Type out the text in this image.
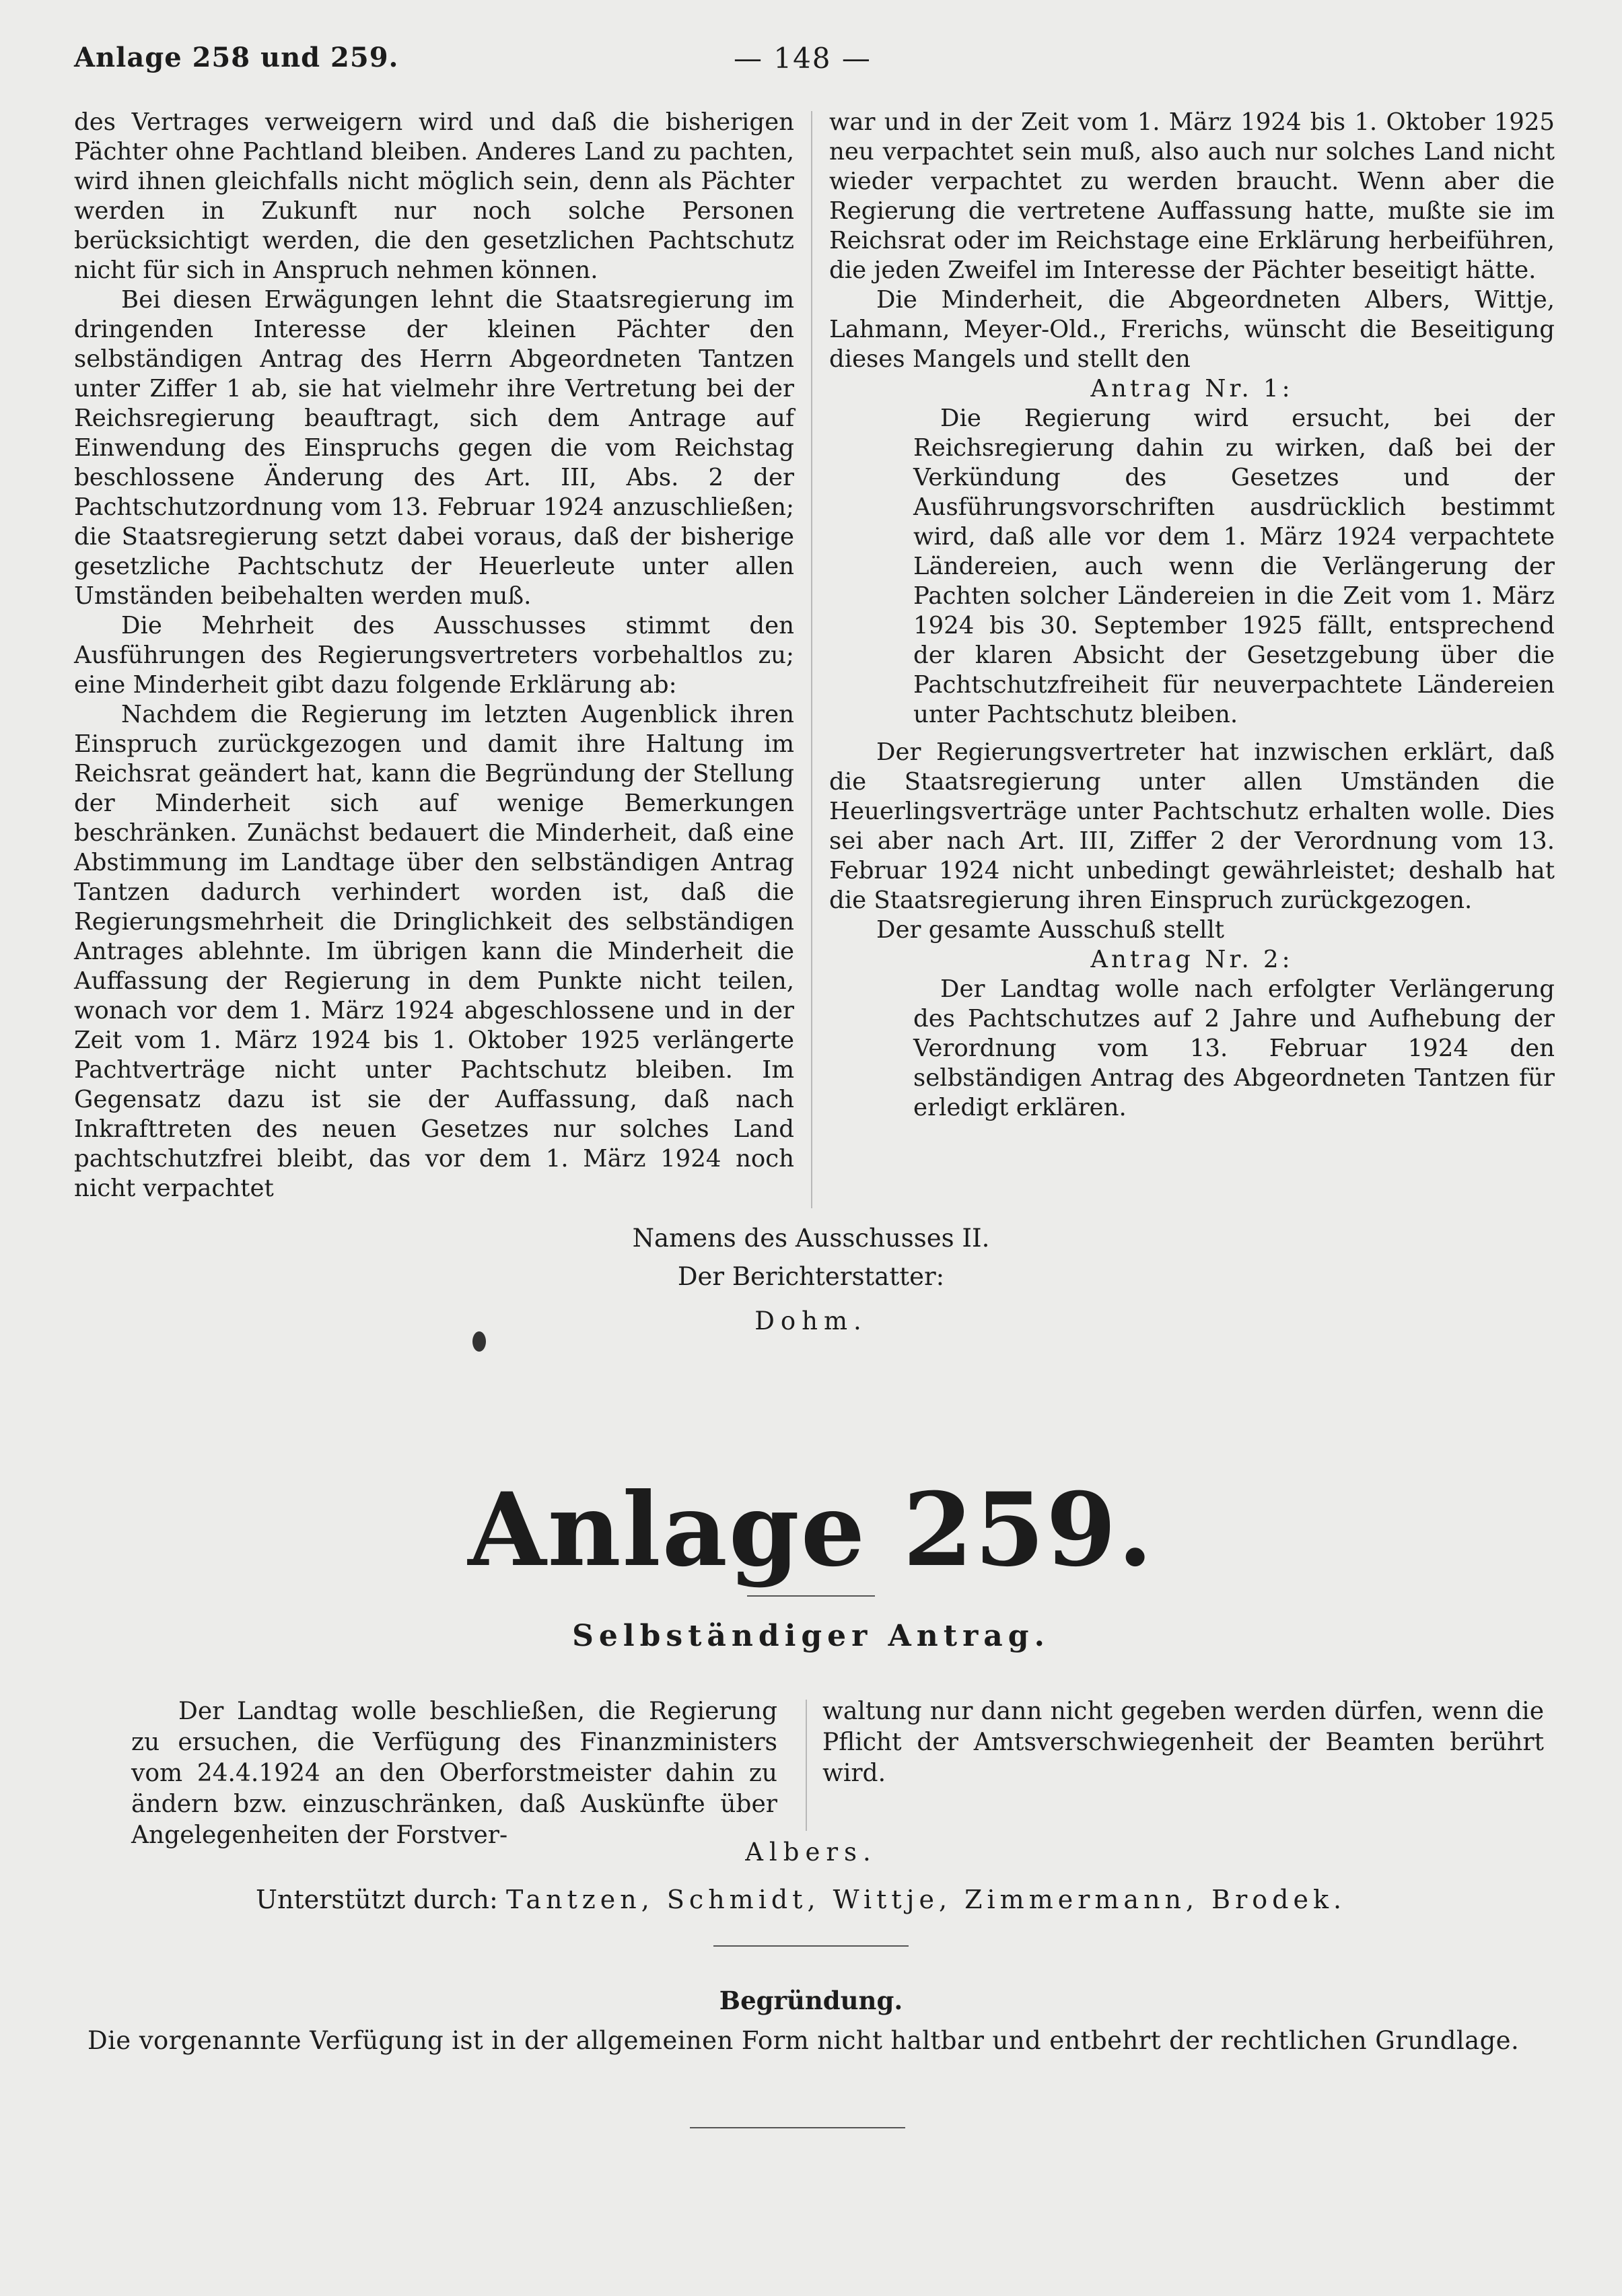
Anlage 258 und 259.	— 148 —

des Vertrages verweigern wird und daß die bisherigen Pächter ohne Pachtland bleiben. Anderes Land zu pachten, wird ihnen gleichfalls nicht möglich sein, denn als Pächter werden in Zukunft nur noch solche Personen berücksichtigt werden, die den gesetzlichen Pachtschutz nicht für sich in Anspruch nehmen können.

Bei diesen Erwägungen lehnt die Staatsregierung im dringenden Interesse der kleinen Pächter den selbständigen Antrag des Herrn Abgeordneten Tantzen unter Ziffer 1 ab, sie hat vielmehr ihre Vertretung bei der Reichsregierung beauftragt, sich dem Antrage auf Einwendung des Einspruchs gegen die vom Reichstag beschlossene Änderung des Art. III, Abs. 2 der Pachtschutzordnung vom 13. Februar 1924 anzuschließen; die Staatsregierung setzt dabei voraus, daß der bisherige gesetzliche Pachtschutz der Heuerleute unter allen Umständen beibehalten werden muß.

Die Mehrheit des Ausschusses stimmt den Ausführungen des Regierungsvertreters vorbehaltlos zu; eine Minderheit gibt dazu folgende Erklärung ab:

Nachdem die Regierung im letzten Augenblick ihren Einspruch zurückgezogen und damit ihre Haltung im Reichsrat geändert hat, kann die Begründung der Stellung der Minderheit sich auf wenige Bemerkungen beschränken. Zunächst bedauert die Minderheit, daß eine Abstimmung im Landtage über den selbständigen Antrag Tantzen dadurch verhindert worden ist, daß die Regierungsmehrheit die Dringlichkeit des selbständigen Antrages ablehnte. Im übrigen kann die Minderheit die Auffassung der Regierung in dem Punkte nicht teilen, wonach vor dem 1. März 1924 abgeschlossene und in der Zeit vom 1. März 1924 bis 1. Oktober 1925 verlängerte Pachtverträge nicht unter Pachtschutz bleiben. Im Gegensatz dazu ist sie der Auffassung, daß nach Inkrafttreten des neuen Gesetzes nur solches Land pachtschutzfrei bleibt, das vor dem 1. März 1924 noch nicht verpachtet

war und in der Zeit vom 1. März 1924 bis 1. Oktober 1925 neu verpachtet sein muß, also auch nur solches Land nicht wieder verpachtet zu werden braucht. Wenn aber die Regierung die vertretene Auffassung hatte, mußte sie im Reichsrat oder im Reichstage eine Erklärung herbeiführen, die jeden Zweifel im Interesse der Pächter beseitigt hätte.

Die Minderheit, die Abgeordneten Albers, Wittje, Lahmann, Meyer-Old., Frerichs, wünscht die Beseitigung dieses Mangels und stellt den

Antrag Nr. 1:

Die Regierung wird ersucht, bei der Reichsregierung dahin zu wirken, daß bei der Verkündung des Gesetzes und der Ausführungsvorschriften ausdrücklich bestimmt wird, daß alle vor dem 1. März 1924 verpachtete Ländereien, auch wenn die Verlängerung der Pachten solcher Ländereien in die Zeit vom 1. März 1924 bis 30. September 1925 fällt, entsprechend der klaren Absicht der Gesetzgebung über die Pachtschutzfreiheit für neuverpachtete Ländereien unter Pachtschutz bleiben.

Der Regierungsvertreter hat inzwischen erklärt, daß die Staatsregierung unter allen Umständen die Heuerlingsverträge unter Pachtschutz erhalten wolle. Dies sei aber nach Art. III, Ziffer 2 der Verordnung vom 13. Februar 1924 nicht unbedingt gewährleistet; deshalb hat die Staatsregierung ihren Einspruch zurückgezogen.

Der gesamte Ausschuß stellt

Antrag Nr. 2:

Der Landtag wolle nach erfolgter Verlängerung des Pachtschutzes auf 2 Jahre und Aufhebung der Verordnung vom 13. Februar 1924 den selbständigen Antrag des Abgeordneten Tantzen für erledigt erklären.

Namens des Ausschusses II.
Der Berichterstatter:
Dohm.
Anlage 259.
Selbständiger Antrag.

Der Landtag wolle beschließen, die Regierung zu ersuchen, die Verfügung des Finanzministers vom 24.4.1924 an den Oberforstmeister dahin zu ändern bzw. einzuschränken, daß Auskünfte über Angelegenheiten der Forstver-

waltung nur dann nicht gegeben werden dürfen, wenn die Pflicht der Amtsverschwiegenheit der Beamten berührt wird.

Albers.
Unterstützt durch: Tantzen, Schmidt, Wittje, Zimmermann, Brodek.
Begründung.
Die vorgenannte Verfügung ist in der allgemeinen Form nicht haltbar und entbehrt der rechtlichen Grundlage.
